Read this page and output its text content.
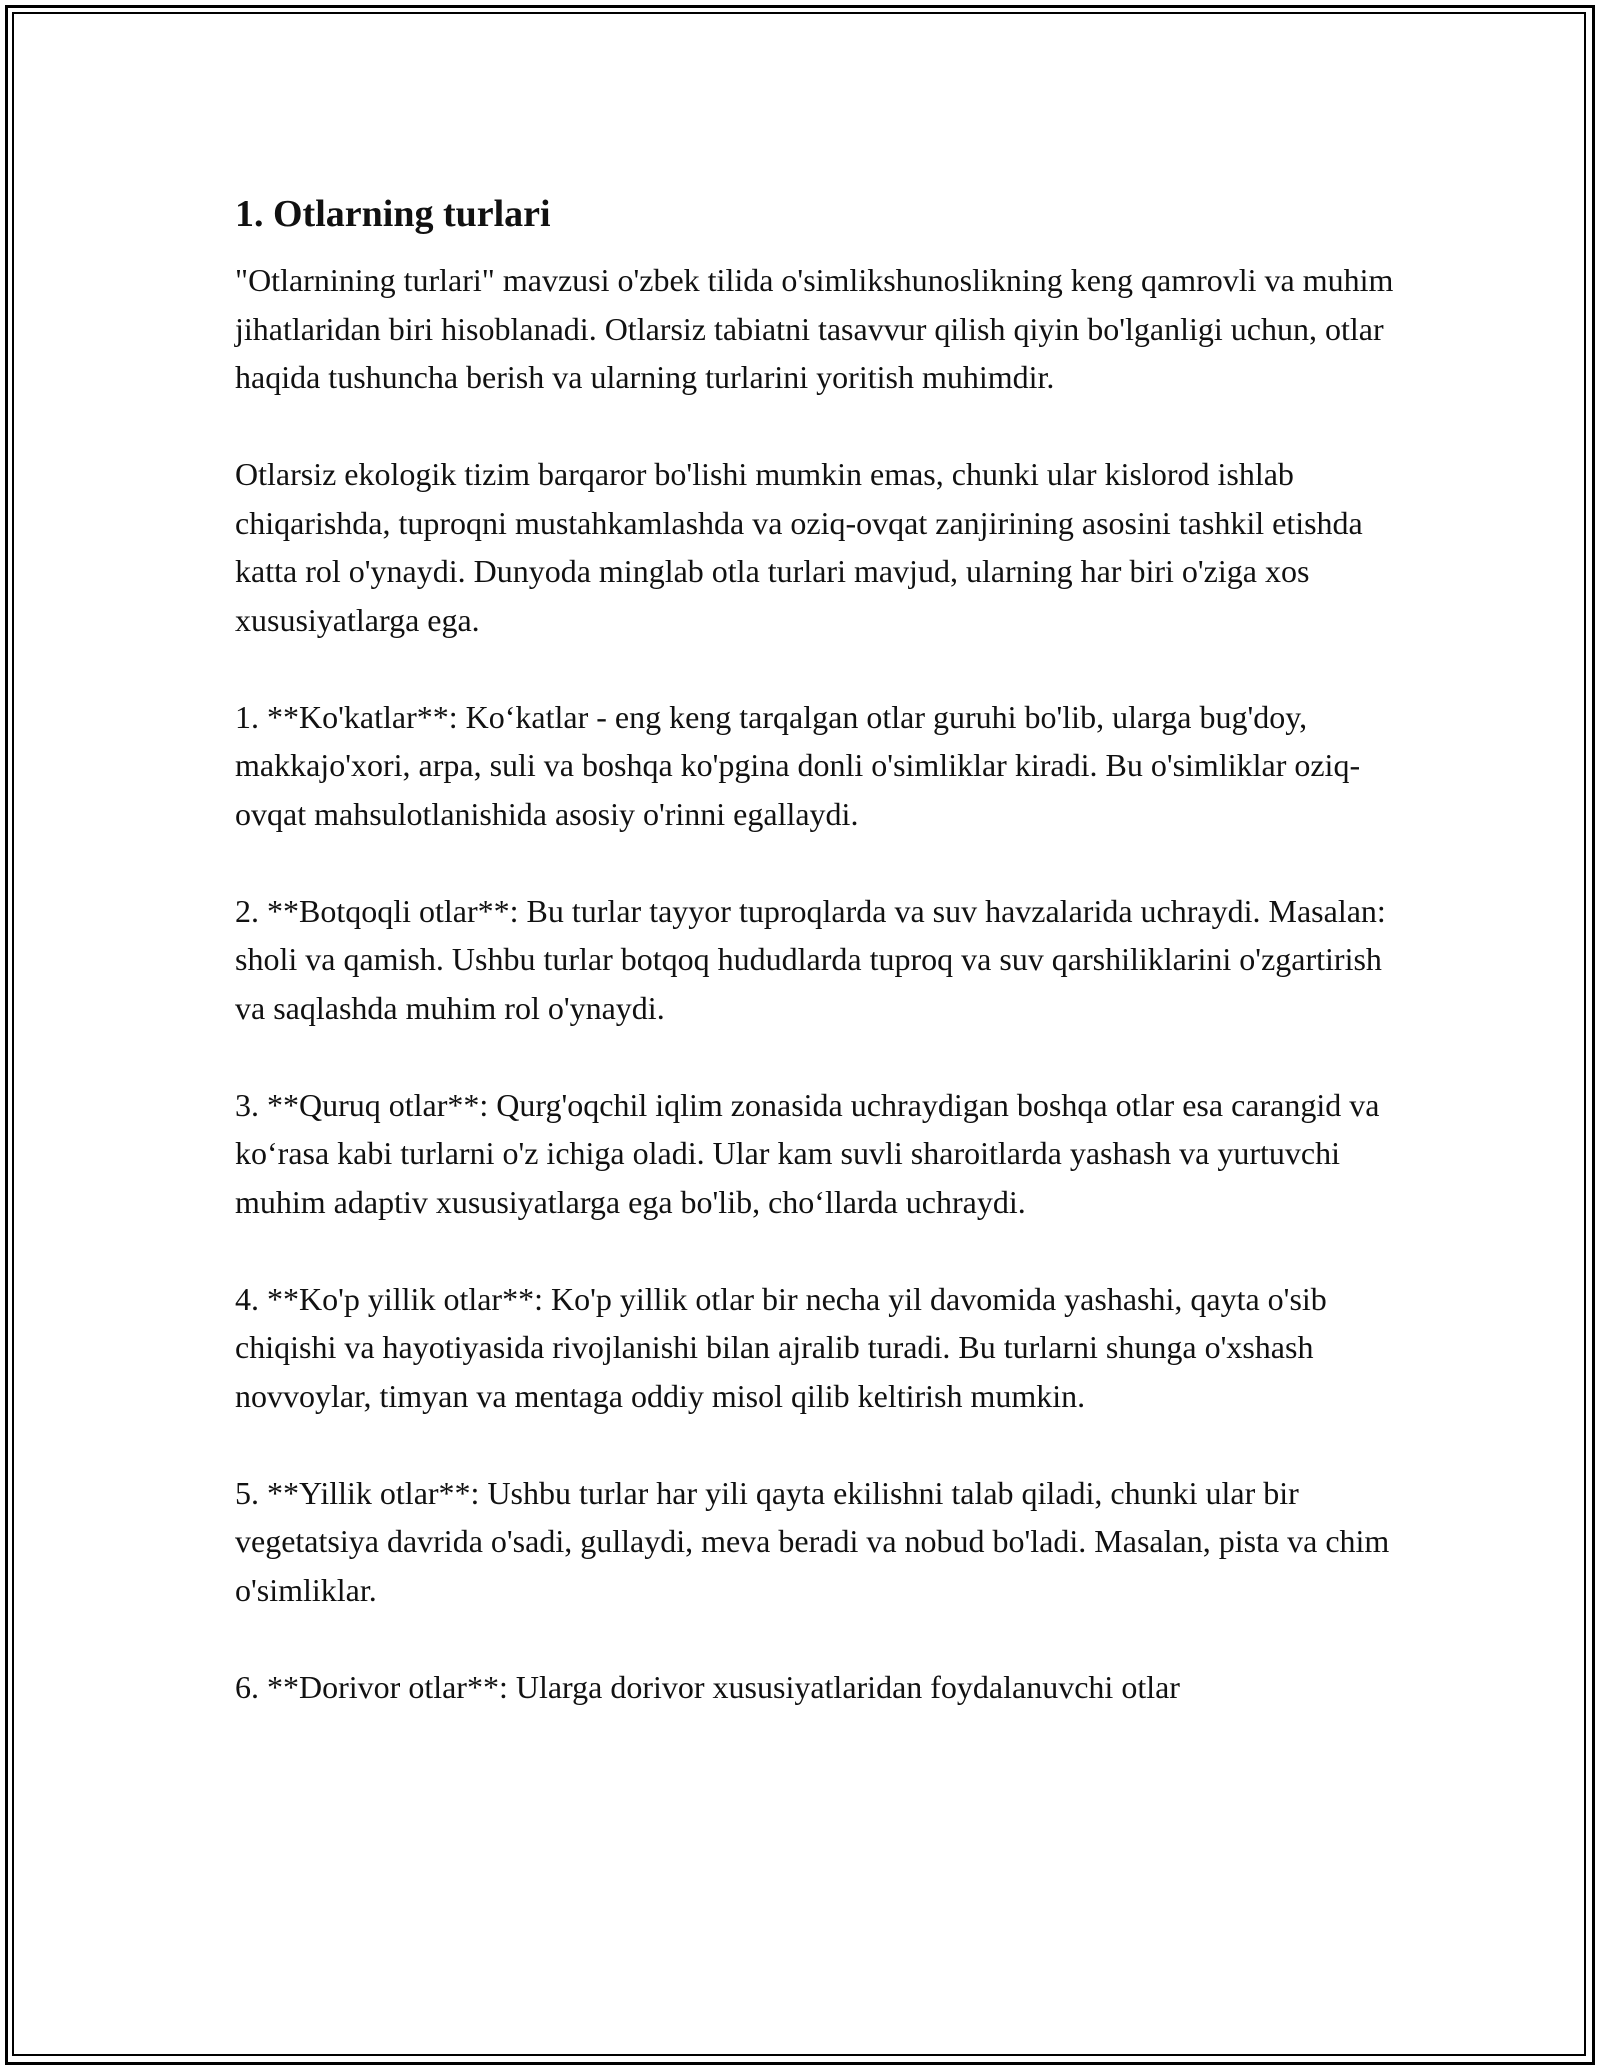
1. Otlarning turlari

"Otlarnining turlari" mavzusi o'zbek tilida o'simlikshunoslikning keng qamrovli va muhim jihatlaridan biri hisoblanadi. Otlarsiz tabiatni tasavvur qilish qiyin bo'lganligi uchun, otlar haqida tushuncha berish va ularning turlarini yoritish muhimdir.

Otlarsiz ekologik tizim barqaror bo'lishi mumkin emas, chunki ular kislorod ishlab chiqarishda, tuproqni mustahkamlashda va oziq-ovqat zanjirining asosini tashkil etishda katta rol o'ynaydi. Dunyoda minglab otla turlari mavjud, ularning har biri o'ziga xos xususiyatlarga ega.

1. **Ko'katlar**: Ko‘katlar - eng keng tarqalgan otlar guruhi bo'lib, ularga bug'doy, makkajo'xori, arpa, suli va boshqa ko'pgina donli o'simliklar kiradi. Bu o'simliklar oziq-ovqat mahsulotlanishida asosiy o'rinni egallaydi.

2. **Botqoqli otlar**: Bu turlar tayyor tuproqlarda va suv havzalarida uchraydi. Masalan: sholi va qamish. Ushbu turlar botqoq hududlarda tuproq va suv qarshiliklarini o'zgartirish va saqlashda muhim rol o'ynaydi.

3. **Quruq otlar**: Qurg'oqchil iqlim zonasida uchraydigan boshqa otlar esa carangid va ko‘rasa kabi turlarni o'z ichiga oladi. Ular kam suvli sharoitlarda yashash va yurtuvchi muhim adaptiv xususiyatlarga ega bo'lib, cho‘llarda uchraydi.

4. **Ko'p yillik otlar**: Ko'p yillik otlar bir necha yil davomida yashashi, qayta o'sib chiqishi va hayotiyasida rivojlanishi bilan ajralib turadi. Bu turlarni shunga o'xshash novvoylar, timyan va mentaga oddiy misol qilib keltirish mumkin.

5. **Yillik otlar**: Ushbu turlar har yili qayta ekilishni talab qiladi, chunki ular bir vegetatsiya davrida o'sadi, gullaydi, meva beradi va nobud bo'ladi. Masalan, pista va chim o'simliklar.

6. **Dorivor otlar**: Ularga dorivor xususiyatlaridan foydalanuvchi otlar
